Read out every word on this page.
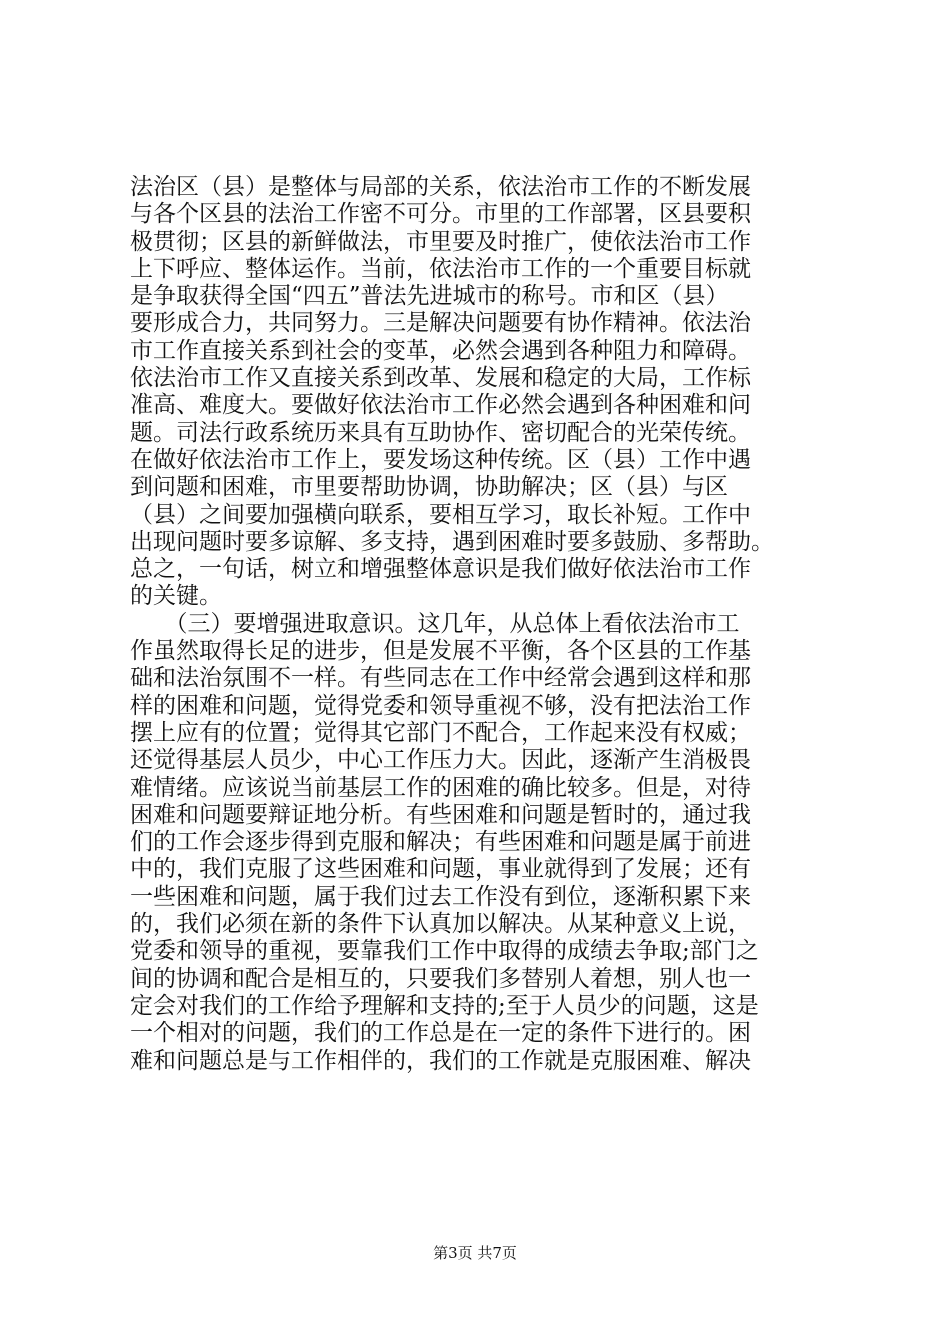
法治区（县）是整体与局部的关系，依法治市工作的不断发展
与各个区县的法治工作密不可分。市里的工作部署，区县要积
极贯彻；区县的新鲜做法，市里要及时推广，使依法治市工作
上下呼应、整体运作。当前，依法治市工作的一个重要目标就
是争取获得全国“四五”普法先进城市的称号。市和区（县）
要形成合力，共同努力。三是解决问题要有协作精神。依法治
市工作直接关系到社会的变革，必然会遇到各种阻力和障碍。
依法治市工作又直接关系到改革、发展和稳定的大局，工作标
准高、难度大。要做好依法治市工作必然会遇到各种困难和问
题。司法行政系统历来具有互助协作、密切配合的光荣传统。
在做好依法治市工作上，要发场这种传统。区（县）工作中遇
到问题和困难，市里要帮助协调，协助解决；区（县）与区
（县）之间要加强横向联系，要相互学习，取长补短。工作中
出现问题时要多谅解、多支持，遇到困难时要多鼓励、多帮助。
总之，一句话，树立和增强整体意识是我们做好依法治市工作
的关键。
　　（三）要增强进取意识。这几年，从总体上看依法治市工
作虽然取得长足的进步，但是发展不平衡，各个区县的工作基
础和法治氛围不一样。有些同志在工作中经常会遇到这样和那
样的困难和问题，觉得党委和领导重视不够，没有把法治工作
摆上应有的位置；觉得其它部门不配合，工作起来没有权威；
还觉得基层人员少，中心工作压力大。因此，逐渐产生消极畏
难情绪。应该说当前基层工作的困难的确比较多。但是，对待
困难和问题要辩证地分析。有些困难和问题是暂时的，通过我
们的工作会逐步得到克服和解决；有些困难和问题是属于前进
中的，我们克服了这些困难和问题，事业就得到了发展；还有
一些困难和问题，属于我们过去工作没有到位，逐渐积累下来
的，我们必须在新的条件下认真加以解决。从某种意义上说，
党委和领导的重视，要靠我们工作中取得的成绩去争取;部门之
间的协调和配合是相互的，只要我们多替别人着想，别人也一
定会对我们的工作给予理解和支持的;至于人员少的问题，这是
一个相对的问题，我们的工作总是在一定的条件下进行的。困
难和问题总是与工作相伴的，我们的工作就是克服困难、解决
第3页 共7页
